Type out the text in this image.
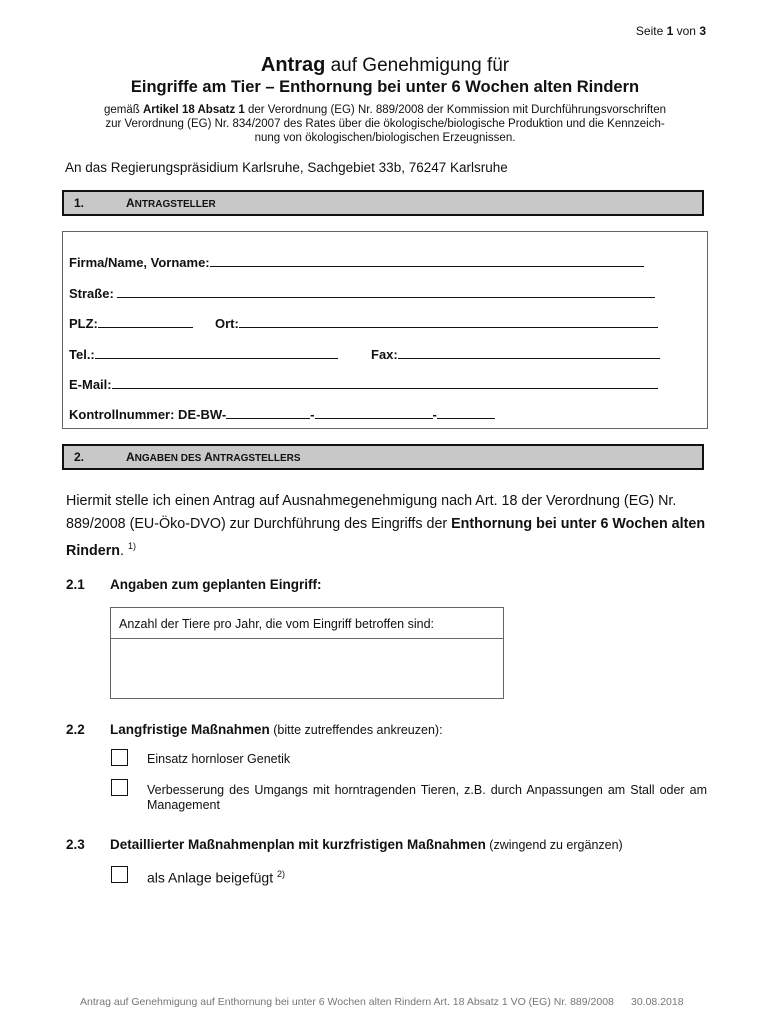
Seite 1 von 3
Antrag auf Genehmigung für
Eingriffe am Tier – Enthornung bei unter 6 Wochen alten Rindern
gemäß Artikel 18 Absatz 1 der Verordnung (EG) Nr. 889/2008 der Kommission mit Durchführungsvorschriften
zur Verordnung (EG) Nr. 834/2007 des Rates über die ökologische/biologische Produktion und die Kennzeich-
nung von ökologischen/biologischen Erzeugnissen.
An das Regierungspräsidium Karlsruhe, Sachgebiet 33b, 76247 Karlsruhe
1.	ANTRAGSTELLER
Firma/Name, Vorname:
Straße:
PLZ:	Ort:
Tel.:	Fax:
E-Mail:
Kontrollnummer: DE-BW-	-	-
2.	ANGABEN DES ANTRAGSTELLERS
Hiermit stelle ich einen Antrag auf Ausnahmegenehmigung nach Art. 18 der Verordnung (EG) Nr. 889/2008 (EU-Öko-DVO) zur Durchführung des Eingriffs der Enthornung bei unter 6 Wochen alten Rindern. $^{1)}$
2.1 Angaben zum geplanten Eingriff:
Anzahl der Tiere pro Jahr, die vom Eingriff betroffen sind:
2.2 Langfristige Maßnahmen (bitte zutreffendes ankreuzen):
Einsatz hornloser Genetik
Verbesserung des Umgangs mit horntragenden Tieren, z.B. durch Anpassungen am Stall oder am Management
2.3 Detaillierter Maßnahmenplan mit kurzfristigen Maßnahmen (zwingend zu ergänzen)
als Anlage beigefügt $^{2)}$
Antrag auf Genehmigung auf Enthornung bei unter 6 Wochen alten Rindern Art. 18 Absatz 1 VO (EG) Nr. 889/2008 30.08.2018
